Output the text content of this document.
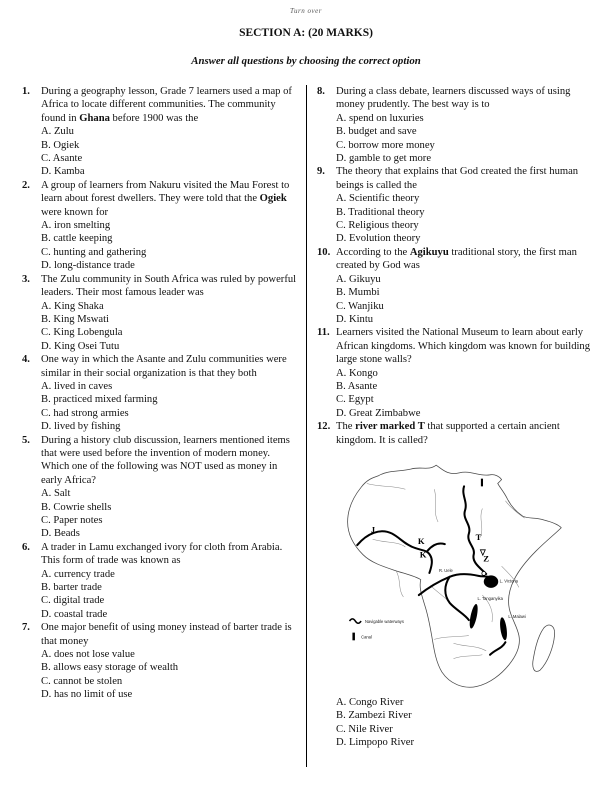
Turn over
SECTION A: (20 MARKS)
Answer all questions by choosing the correct option
1.	During a geography lesson, Grade 7 learners used a map of Africa to locate different communities. The community found in Ghana before 1900 was the
A. Zulu
B. Ogiek
C. Asante
D. Kamba
2.	A group of learners from Nakuru visited the Mau Forest to learn about forest dwellers. They were told that the Ogiek were known for
A. iron smelting
B. cattle keeping
C. hunting and gathering
D. long-distance trade
3.	The Zulu community in South Africa was ruled by powerful leaders. Their most famous leader was
A. King Shaka
B. King Mswati
C. King Lobengula
D. King Osei Tutu
4.	One way in which the Asante and Zulu communities were similar in their social organization is that they both
A. lived in caves
B. practiced mixed farming
C. had strong armies
D. lived by fishing
5.	During a history club discussion, learners mentioned items that were used before the invention of modern money. Which one of the following was NOT used as money in early Africa?
A. Salt
B. Cowrie shells
C. Paper notes
D. Beads
6.	A trader in Lamu exchanged ivory for cloth from Arabia. This form of trade was known as
A. currency trade
B. barter trade
C. digital trade
D. coastal trade
7.	One major benefit of using money instead of barter trade is that money
A. does not lose value
B. allows easy storage of wealth
C. cannot be stolen
D. has no limit of use
8.	During a class debate, learners discussed ways of using money prudently. The best way is to
A. spend on luxuries
B. budget and save
C. borrow more money
D. gamble to get more
9.	The theory that explains that God created the first human beings is called the
A. Scientific theory
B. Traditional theory
C. Religious theory
D. Evolution theory
10. According to the Agikuyu traditional story, the first man created by God was
A. Gikuyu
B. Mumbi
C. Wanjiku
D. Kintu
11. Learners visited the National Museum to learn about early African kingdoms. Which kingdom was known for building large stone walls?
A. Kongo
B. Asante
C. Egypt
D. Great Zimbabwe
12. The river marked T that supported a certain ancient kingdom. It is called?
J
K
K
T
Z
L. Victoria
L. Tanganyika
L. Malawi
R. Uele
Navigable waterways
Canal
A. Congo River
B. Zambezi River
C. Nile River
D. Limpopo River
